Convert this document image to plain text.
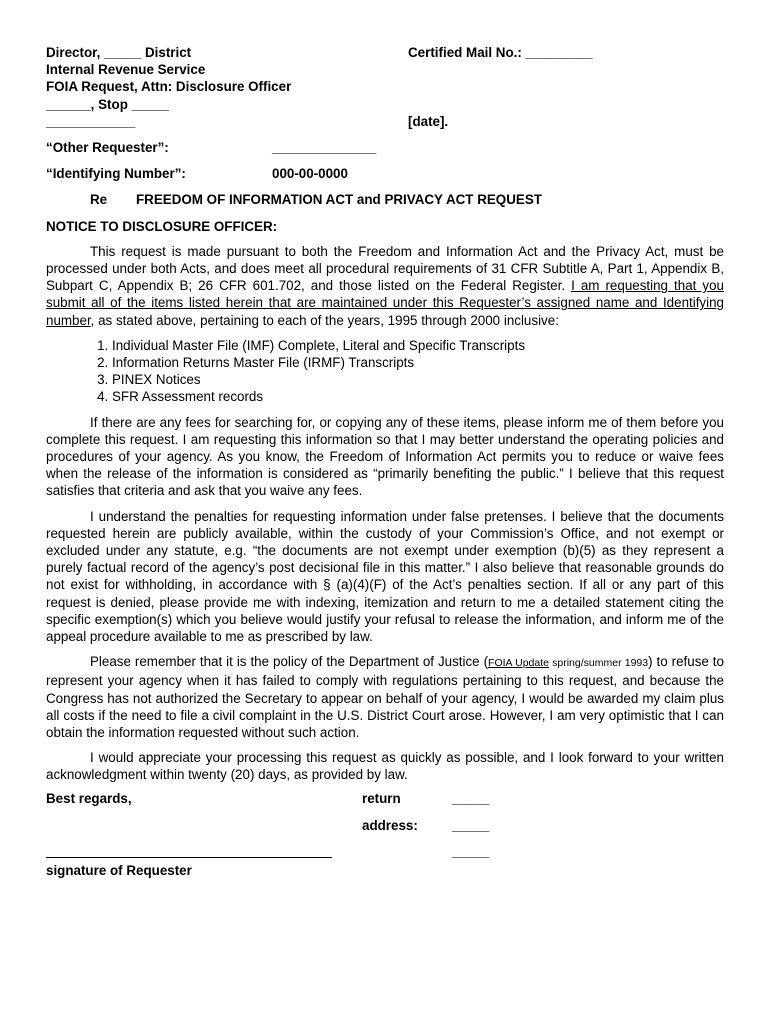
Director, _____ District	Certified Mail No.: _________
Internal Revenue Service
FOIA Request, Attn: Disclosure Officer
______, Stop _____
____________	[date].
“Other Requester”:	______________
“Identifying Number”:	000-00-0000
Re FREEDOM OF INFORMATION ACT and PRIVACY ACT REQUEST
NOTICE TO DISCLOSURE OFFICER:
This request is made pursuant to both the Freedom and Information Act and the Privacy Act, must be processed under both Acts, and does meet all procedural requirements of 31 CFR Subtitle A, Part 1, Appendix B, Subpart C, Appendix B; 26 CFR 601.702, and those listed on the Federal Register. I am requesting that you submit all of the items listed herein that are maintained under this Requester’s assigned name and Identifying number, as stated above, pertaining to each of the years, 1995 through 2000 inclusive:
1. Individual Master File (IMF) Complete, Literal and Specific Transcripts
2. Information Returns Master File (IRMF) Transcripts
3. PINEX Notices
4. SFR Assessment records
If there are any fees for searching for, or copying any of these items, please inform me of them before you complete this request. I am requesting this information so that I may better understand the operating policies and procedures of your agency. As you know, the Freedom of Information Act permits you to reduce or waive fees when the release of the information is considered as “primarily benefiting the public.” I believe that this request satisfies that criteria and ask that you waive any fees.
I understand the penalties for requesting information under false pretenses. I believe that the documents requested herein are publicly available, within the custody of your Commission’s Office, and not exempt or excluded under any statute, e.g. “the documents are not exempt under exemption (b)(5) as they represent a purely factual record of the agency’s post decisional file in this matter.” I also believe that reasonable grounds do not exist for withholding, in accordance with § (a)(4)(F) of the Act’s penalties section. If all or any part of this request is denied, please provide me with indexing, itemization and return to me a detailed statement citing the specific exemption(s) which you believe would justify your refusal to release the information, and inform me of the appeal procedure available to me as prescribed by law.
Please remember that it is the policy of the Department of Justice (FOIA Update spring/summer 1993) to refuse to represent your agency when it has failed to comply with regulations pertaining to this request, and because the Congress has not authorized the Secretary to appear on behalf of your agency, I would be awarded my claim plus all costs if the need to file a civil complaint in the U.S. District Court arose. However, I am very optimistic that I can obtain the information requested without such action.
I would appreciate your processing this request as quickly as possible, and I look forward to your written acknowledgment within twenty (20) days, as provided by law.
Best regards,	return	_____
address:	_____
_____
signature of Requester
